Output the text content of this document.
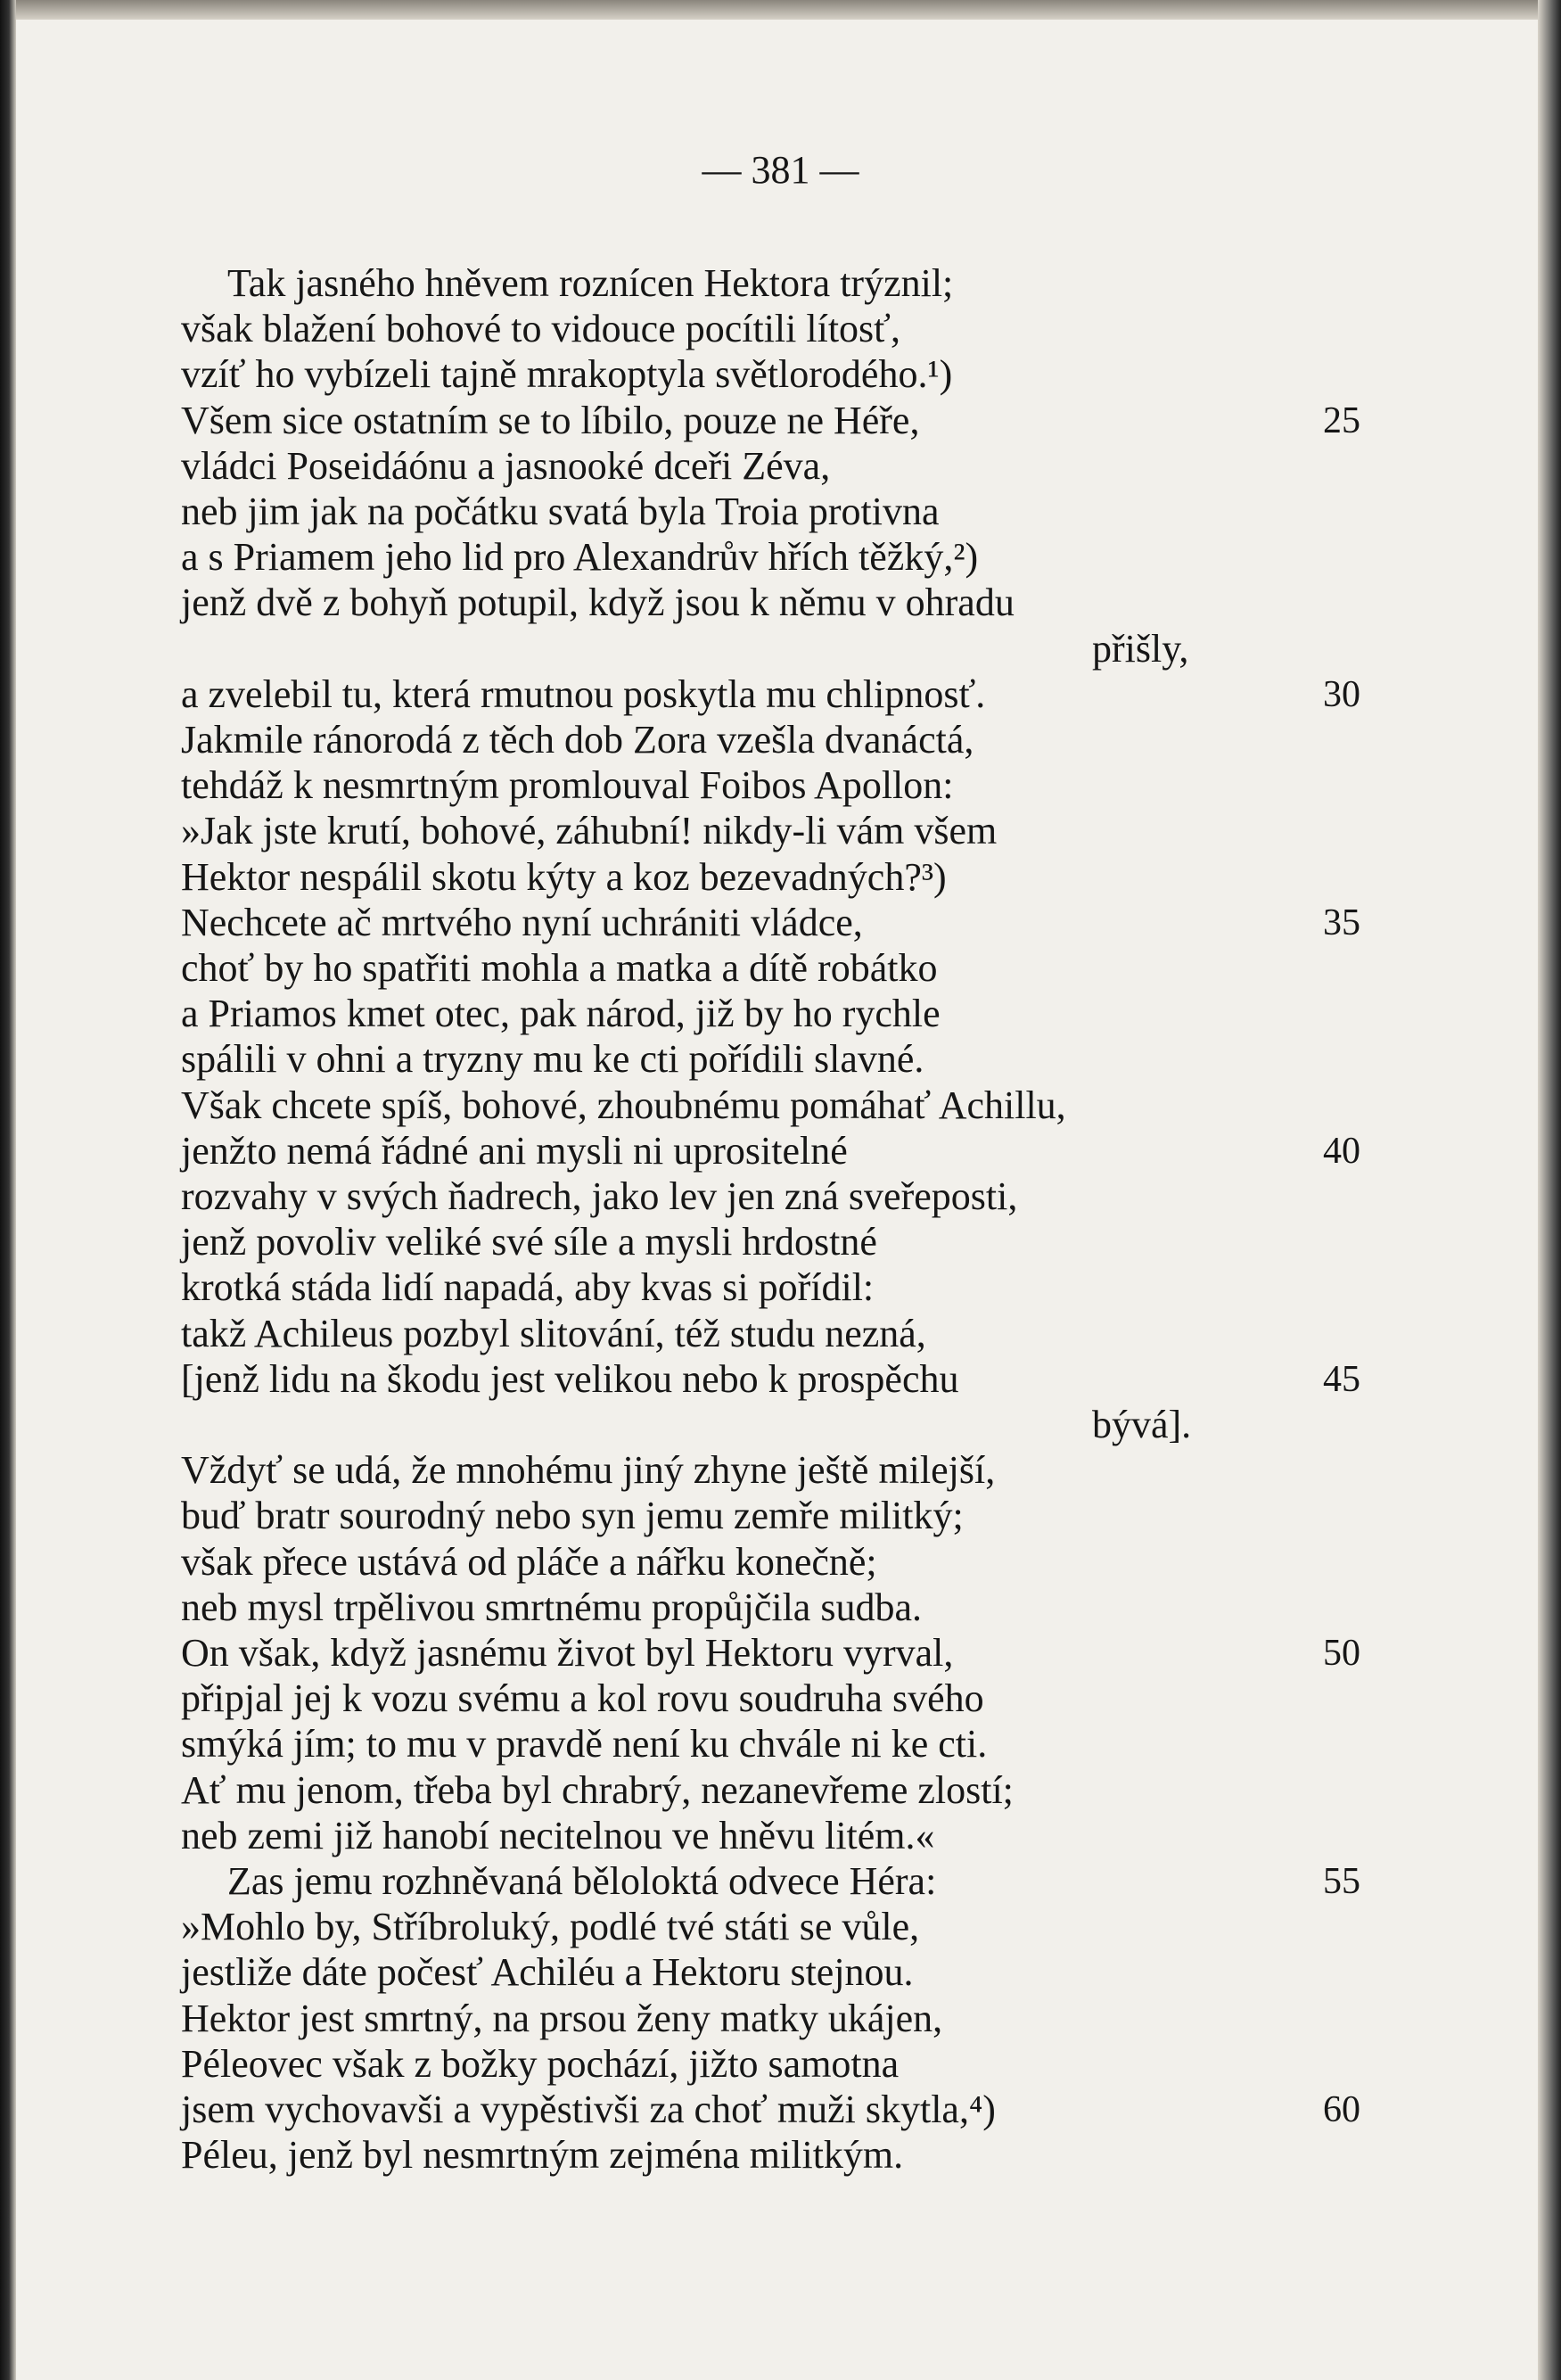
— 381 —

Tak jasného hněvem roznícen Hektora trýznil;
však blažení bohové to vidouce pocítili lítosť,
vzíť ho vybízeli tajně mrakoptyla světlorodého.¹)
Všem sice ostatním se to líbilo, pouze ne Héře,	25
vládci Poseidáónu a jasnooké dceři Zéva,
neb jim jak na počátku svatá byla Troia protivna
a s Priamem jeho lid pro Alexandrův hřích těžký,²)
jenž dvě z bohyň potupil, když jsou k němu v ohradu
přišly,
a zvelebil tu, která rmutnou poskytla mu chlipnosť.	30
Jakmile ránorodá z těch dob Zora vzešla dvanáctá,
tehdáž k nesmrtným promlouval Foibos Apollon:
»Jak jste krutí, bohové, záhubní! nikdy-li vám všem
Hektor nespálil skotu kýty a koz bezevadných?³)
Nechcete ač mrtvého nyní uchrániti vládce,	35
choť by ho spatřiti mohla a matka a dítě robátko
a Priamos kmet otec, pak národ, již by ho rychle
spálili v ohni a tryzny mu ke cti pořídili slavné.
Však chcete spíš, bohové, zhoubnému pomáhať Achillu,
jenžto nemá řádné ani mysli ni uprositelné	40
rozvahy v svých ňadrech, jako lev jen zná sveřeposti,
jenž povoliv veliké své síle a mysli hrdostné
krotká stáda lidí napadá, aby kvas si pořídil:
takž Achileus pozbyl slitování, též studu nezná,
[jenž lidu na škodu jest velikou nebo k prospěchu	45
bývá].
Vždyť se udá, že mnohému jiný zhyne ještě milejší,
buď bratr sourodný nebo syn jemu zemře militký;
však přece ustává od pláče a nářku konečně;
neb mysl trpělivou smrtnému propůjčila sudba.
On však, když jasnému život byl Hektoru vyrval,	50
připjal jej k vozu svému a kol rovu soudruha svého
smýká jím; to mu v pravdě není ku chvále ni ke cti.
Ať mu jenom, třeba byl chrabrý, nezanevřeme zlostí;
neb zemi již hanobí necitelnou ve hněvu litém.«
Zas jemu rozhněvaná běloloktá odvece Héra:	55
»Mohlo by, Stříbroluký, podlé tvé státi se vůle,
jestliže dáte počesť Achiléu a Hektoru stejnou.
Hektor jest smrtný, na prsou ženy matky ukájen,
Péleovec však z božky pochází, jižto samotna
jsem vychovavši a vypěstivši za choť muži skytla,⁴)	60
Péleu, jenž byl nesmrtným zejména militkým.
